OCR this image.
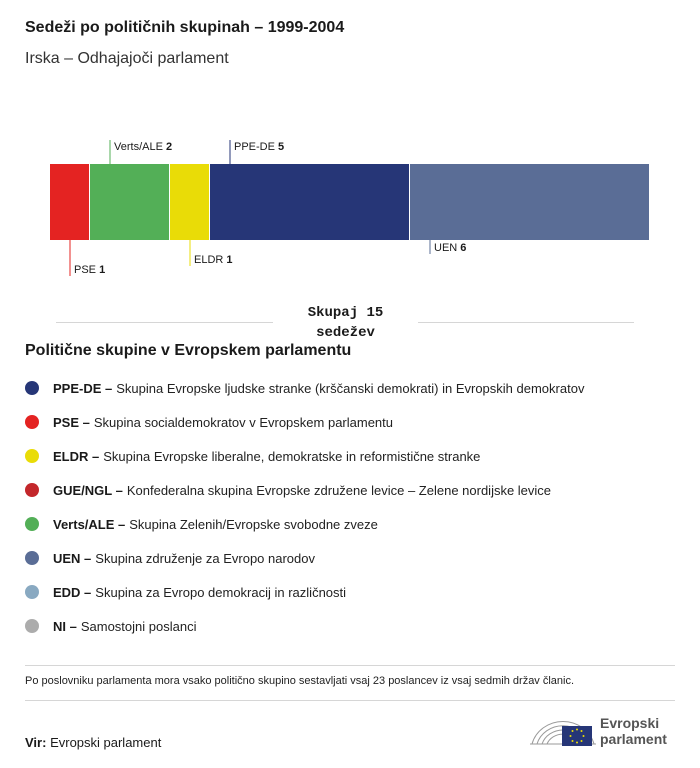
Sedeži po političnih skupinah – 1999-2004
Irska – Odhajajoči parlament
PSE 1
Verts/ALE 2
ELDR 1
PPE-DE 5
UEN 6
Skupaj 15
sedežev
Politične skupine v Evropskem parlamentu
PPE-DE – Skupina Evropske ljudske stranke (krščanski demokrati) in Evropskih demokratov
PSE – Skupina socialdemokratov v Evropskem parlamentu
ELDR – Skupina Evropske liberalne, demokratske in reformistične stranke
GUE/NGL – Konfederalna skupina Evropske združene levice – Zelene nordijske levice
Verts/ALE – Skupina Zelenih/Evropske svobodne zveze
UEN – Skupina združenje za Evropo narodov
EDD – Skupina za Evropo demokracij in različnosti
NI – Samostojni poslanci
Po poslovniku parlamenta mora vsako politično skupino sestavljati vsaj 23 poslancev iz vsaj sedmih držav članic.
Vir: Evropski parlament
Evropski
parlament
